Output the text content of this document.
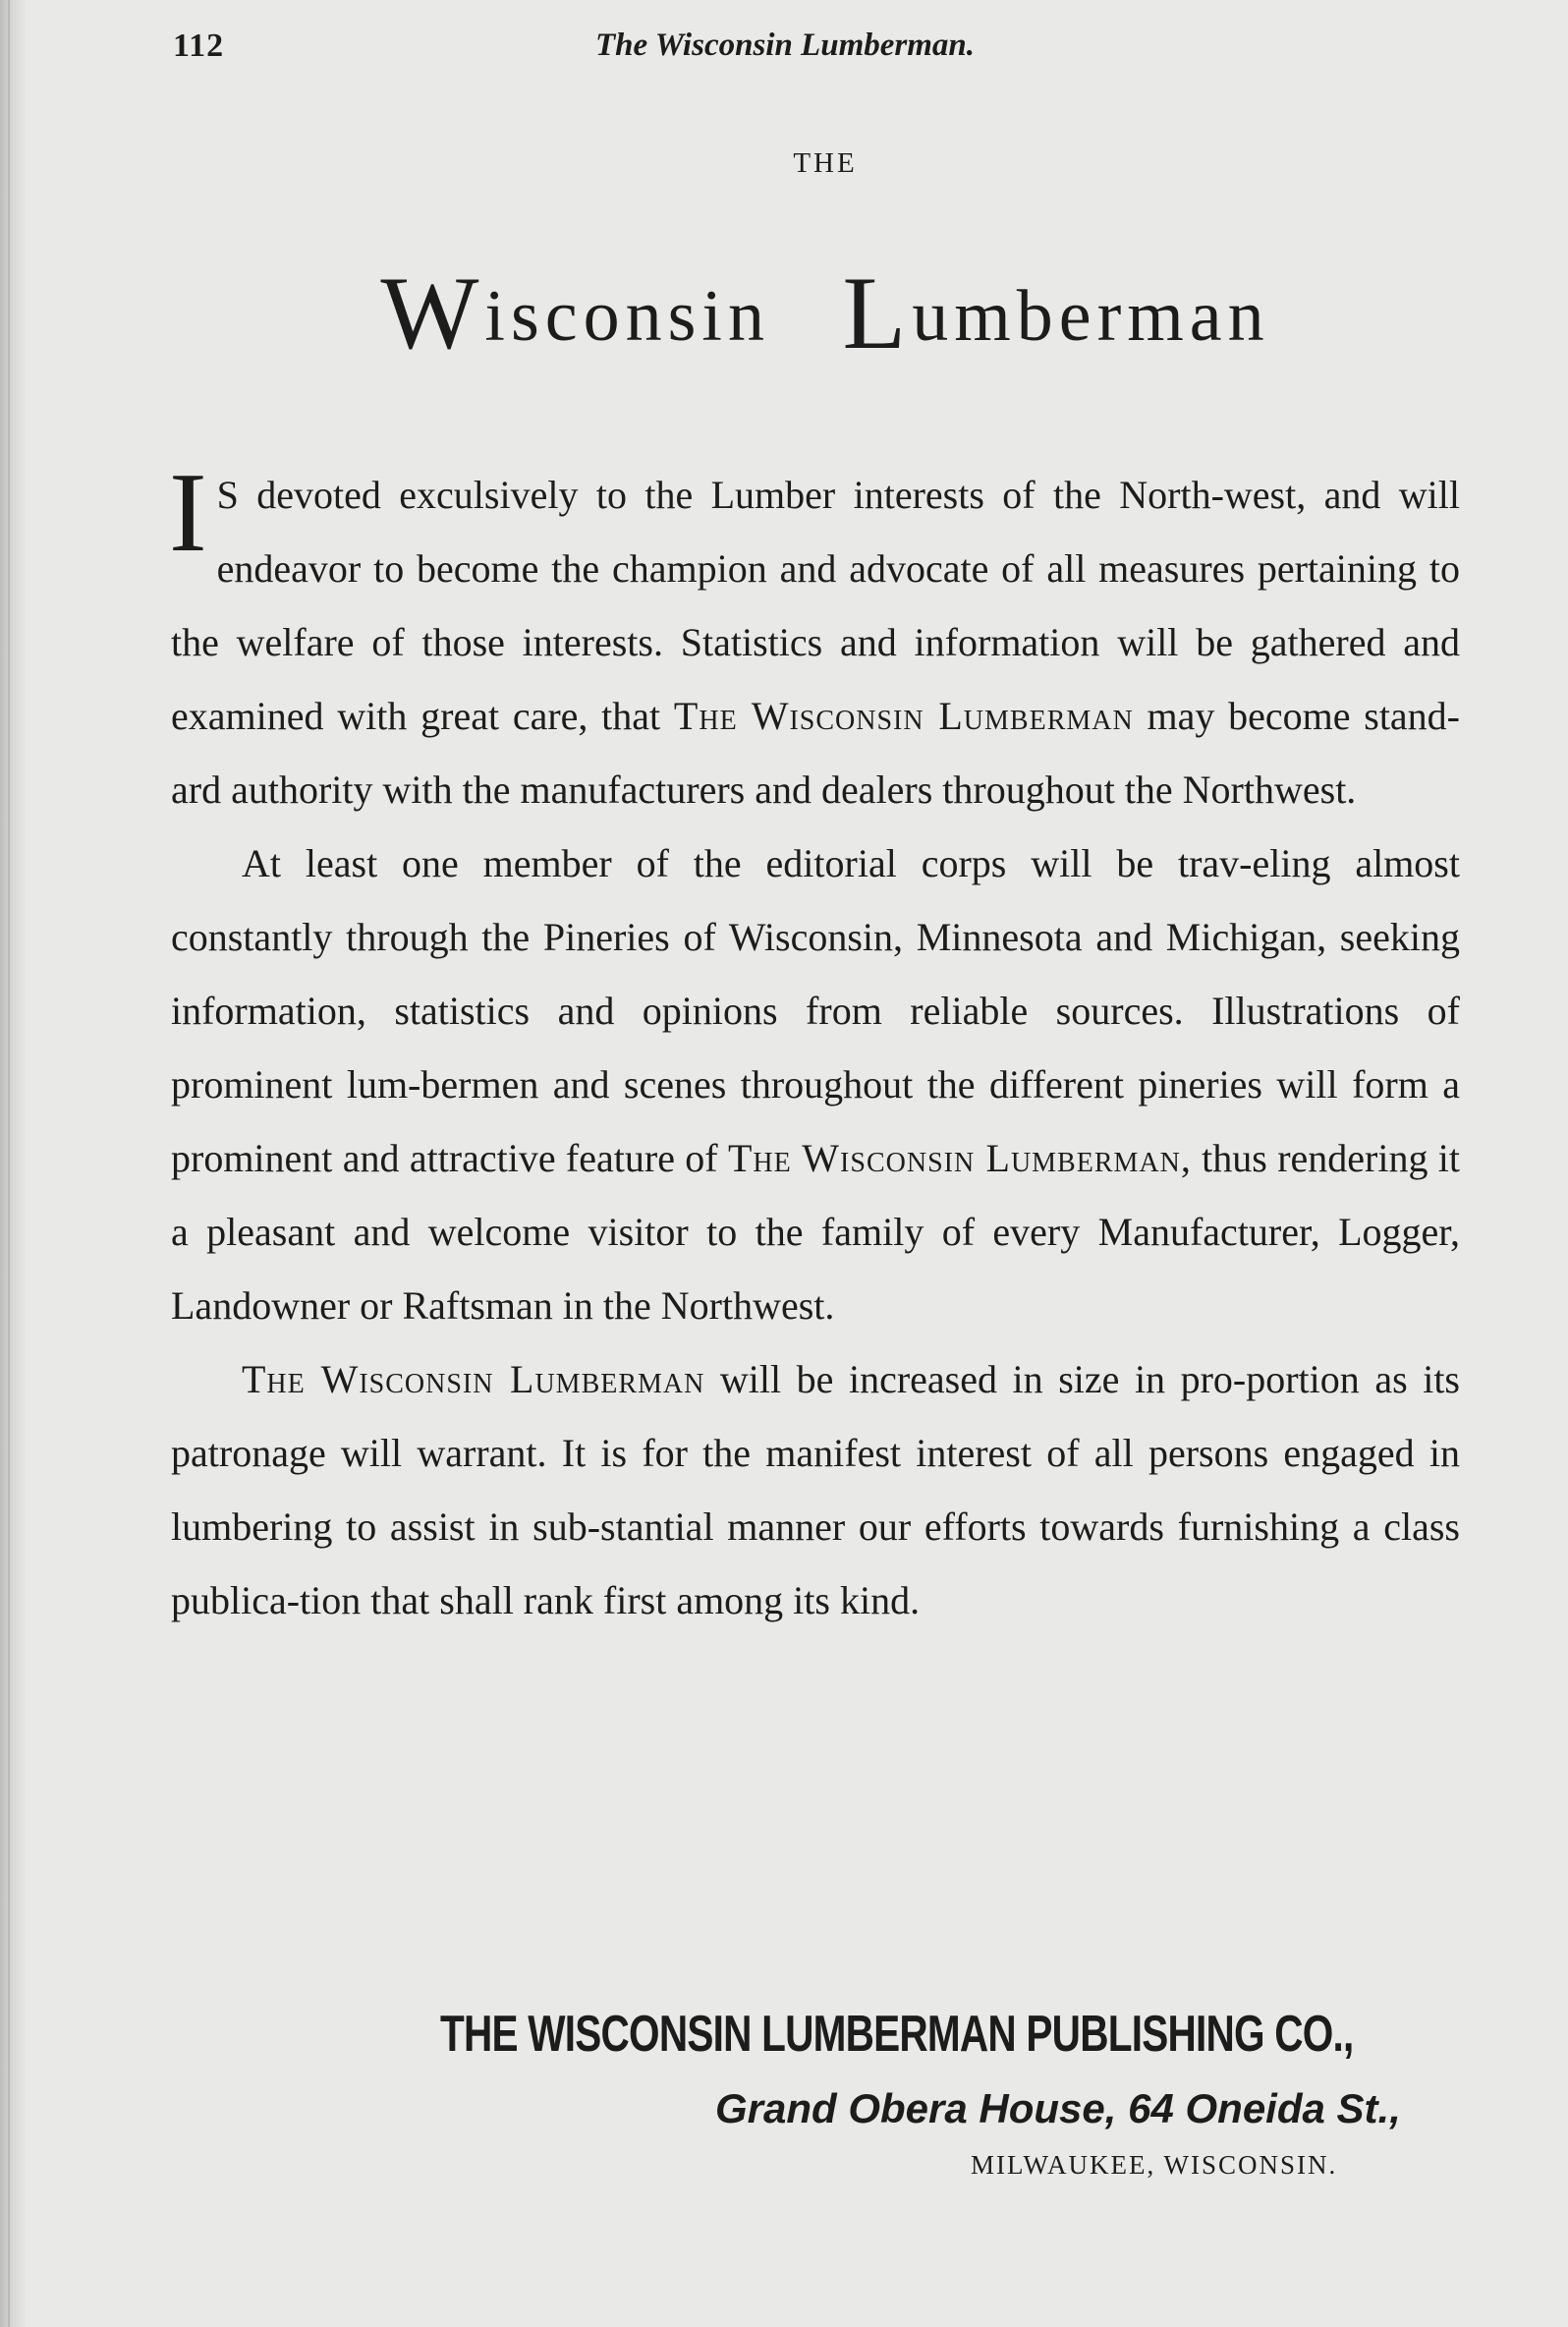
112	The Wisconsin Lumberman.
THE
Wisconsin Lumberman

I S devoted exculsively to the Lumber interests of the North-west, and will endeavor to become the champion and advocate of all measures pertaining to the welfare of those interests. Statistics and information will be gathered and examined with great care, that The Wisconsin Lumberman may become stand-ard authority with the manufacturers and dealers throughout the Northwest.

At least one member of the editorial corps will be trav-eling almost constantly through the Pineries of Wisconsin, Minnesota and Michigan, seeking information, statistics and opinions from reliable sources. Illustrations of prominent lum-bermen and scenes throughout the different pineries will form a prominent and attractive feature of The Wisconsin Lumberman, thus rendering it a pleasant and welcome visitor to the family of every Manufacturer, Logger, Landowner or Raftsman in the Northwest.

The Wisconsin Lumberman will be increased in size in pro-portion as its patronage will warrant. It is for the manifest interest of all persons engaged in lumbering to assist in sub-stantial manner our efforts towards furnishing a class publica-tion that shall rank first among its kind.

THE WISCONSIN LUMBERMAN PUBLISHING CO.,
Grand Obera House, 64 Oneida St.,
MILWAUKEE, WISCONSIN.
